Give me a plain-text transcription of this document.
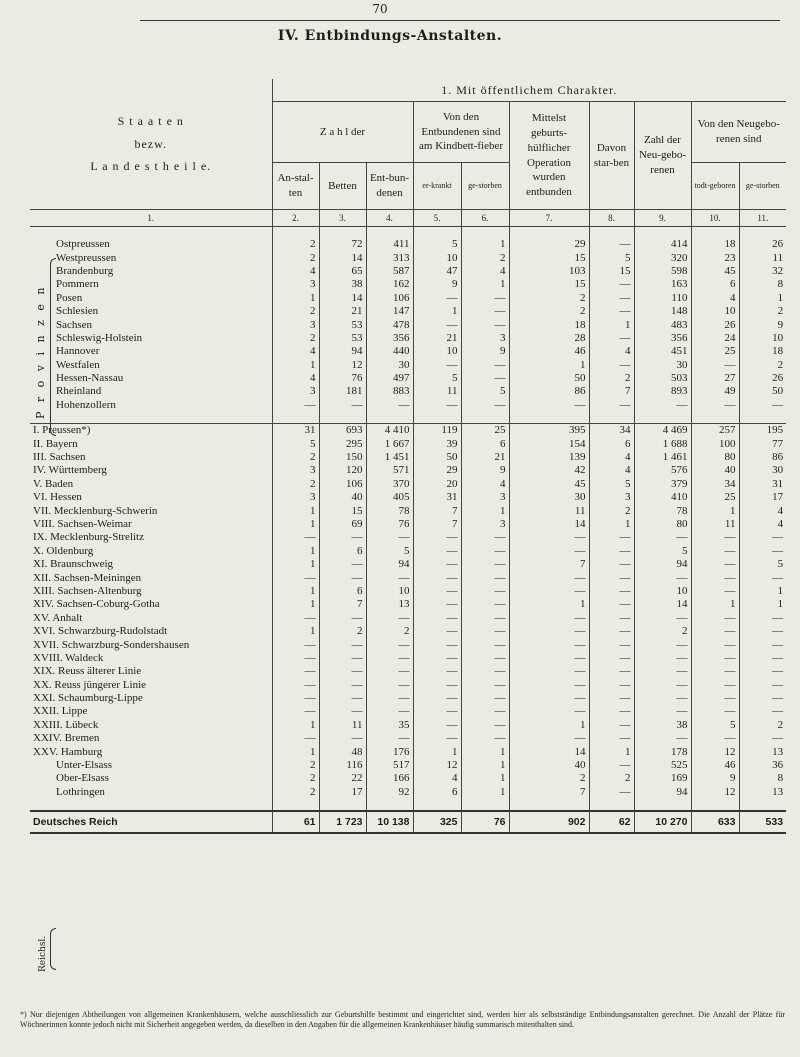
70
IV. Entbindungs-Anstalten.
S t a a t e n
bezw.
L a n d e s t h e i l e.	1. Mit öffentlichem Charakter.									
	Z a h l der			Von den Entbundenen sind am Kindbett-fieber		Mittelst geburts-hülflicher Operation wurden entbunden	Davon star-ben	Zahl der Neu-gebo-renen	Von den Neugebo-renen sind	
	An-stal-ten	Betten	Ent-bun-denen							
				er-krankt	ge-storben				todt-geboren	ge-storben
1.	2.	3.	4.	5.	6.	7.	8.	9.	10.	11.

Ostpreussen	2	72	411	5	1	29	—	414	18	26
Westpreussen	2	14	313	10	2	15	5	320	23	11
Brandenburg	4	65	587	47	4	103	15	598	45	32
Pommern	3	38	162	9	1	15	—	163	6	8
Posen	1	14	106	—	—	2	—	110	4	1
Schlesien	2	21	147	1	—	2	—	148	10	2
Sachsen	3	53	478	—	—	18	1	483	26	9
Schleswig-Holstein	2	53	356	21	3	28	—	356	24	10
Hannover	4	94	440	10	9	46	4	451	25	18
Westfalen	1	12	30	—	—	1	—	30	—	2
Hessen-Nassau	4	76	497	5	—	50	2	503	27	26
Rheinland	3	181	883	11	5	86	7	893	49	50
Hohenzollern	—	—	—	—	—	—	—	—	—	—

I. Preussen*)	31	693	4 410	119	25	395	34	4 469	257	195
II. Bayern	5	295	1 667	39	6	154	6	1 688	100	77
III. Sachsen	2	150	1 451	50	21	139	4	1 461	80	86
IV. Württemberg	3	120	571	29	9	42	4	576	40	30
V. Baden	2	106	370	20	4	45	5	379	34	31
VI. Hessen	3	40	405	31	3	30	3	410	25	17
VII. Mecklenburg-Schwerin	1	15	78	7	1	11	2	78	1	4
VIII. Sachsen-Weimar	1	69	76	7	3	14	1	80	11	4
IX. Mecklenburg-Strelitz	—	—	—	—	—	—	—	—	—	—
X. Oldenburg	1	6	5	—	—	—	—	5	—	—
XI. Braunschweig	1	—	94	—	—	7	—	94	—	5
XII. Sachsen-Meiningen	—	—	—	—	—	—	—	—	—	—
XIII. Sachsen-Altenburg	1	6	10	—	—	—	—	10	—	1
XIV. Sachsen-Coburg-Gotha	1	7	13	—	—	1	—	14	1	1
XV. Anhalt	—	—	—	—	—	—	—	—	—	—
XVI. Schwarzburg-Rudolstadt	1	2	2	—	—	—	—	2	—	—
XVII. Schwarzburg-Sondershausen	—	—	—	—	—	—	—	—	—	—
XVIII. Waldeck	—	—	—	—	—	—	—	—	—	—
XIX. Reuss älterer Linie	—	—	—	—	—	—	—	—	—	—
XX. Reuss jüngerer Linie	—	—	—	—	—	—	—	—	—	—
XXI. Schaumburg-Lippe	—	—	—	—	—	—	—	—	—	—
XXII. Lippe	—	—	—	—	—	—	—	—	—	—
XXIII. Lübeck	1	11	35	—	—	1	—	38	5	2
XXIV. Bremen	—	—	—	—	—	—	—	—	—	—
XXV. Hamburg	1	48	176	1	1	14	1	178	12	13
Unter-Elsass	2	116	517	12	1	40	—	525	46	36
Ober-Elsass	2	22	166	4	1	2	2	169	9	8
Lothringen	2	17	92	6	1	7	—	94	12	13

Deutsches Reich	61	1 723	10 138	325	76	902	62	10 270	633	533
P r o v i n z e n
Reichsl.
*) Nur diejenigen Abtheilungen von allgemeinen Krankenhäusern, welche ausschliesslich zur Geburtshilfe bestimmt und eingerichtet sind, werden hier als selbstständige Entbindungsanstalten gerechnet. Die Anzahl der Plätze für Wöchnerinnen konnte jedoch nicht mit Sicherheit angegeben werden, da dieselben in den Angaben für die allgemeinen Krankenhäuser häufig summarisch mitenthalten sind.
